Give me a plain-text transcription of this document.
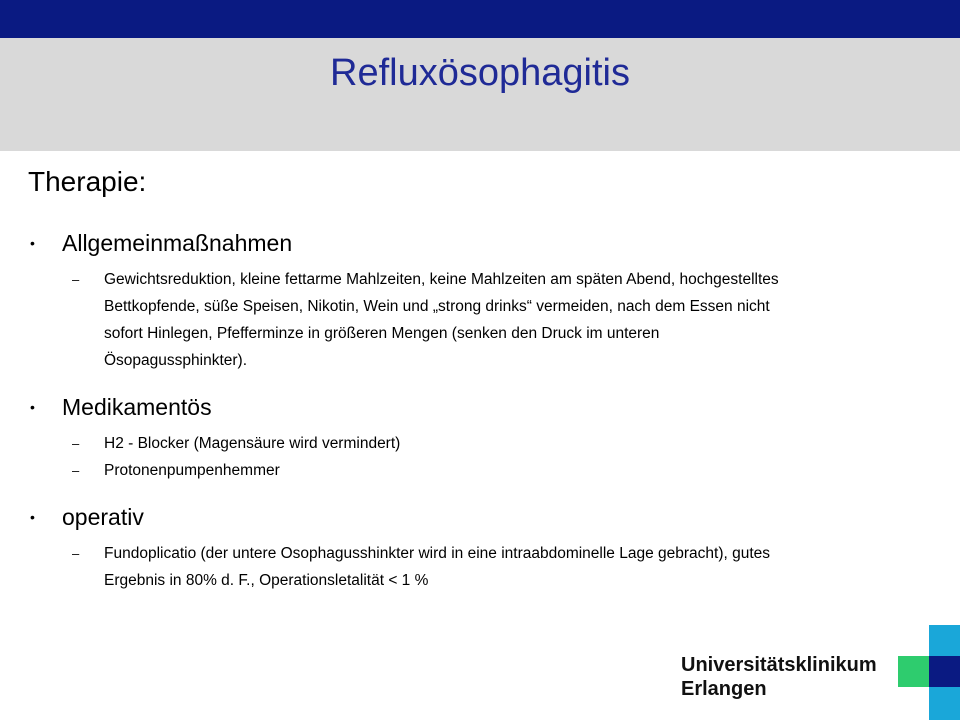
Refluxösophagitis
Therapie:
• Allgemeinmaßnahmen
– Gewichtsreduktion, kleine fettarme Mahlzeiten, keine Mahlzeiten am späten Abend, hochgestelltes
Bettkopfende, süße Speisen, Nikotin, Wein und „strong drinks“ vermeiden, nach dem Essen nicht
sofort Hinlegen, Pfefferminze in größeren Mengen (senken den Druck im unteren
Ösopagussphinkter).
• Medikamentös
– H2 - Blocker (Magensäure wird vermindert)
– Protonenpumpenhemmer
• operativ
– Fundoplicatio (der untere Osophagusshinkter wird in eine intraabdominelle Lage gebracht), gutes
Ergebnis in 80% d. F., Operationsletalität < 1 %
Universitätsklinikum
Erlangen
